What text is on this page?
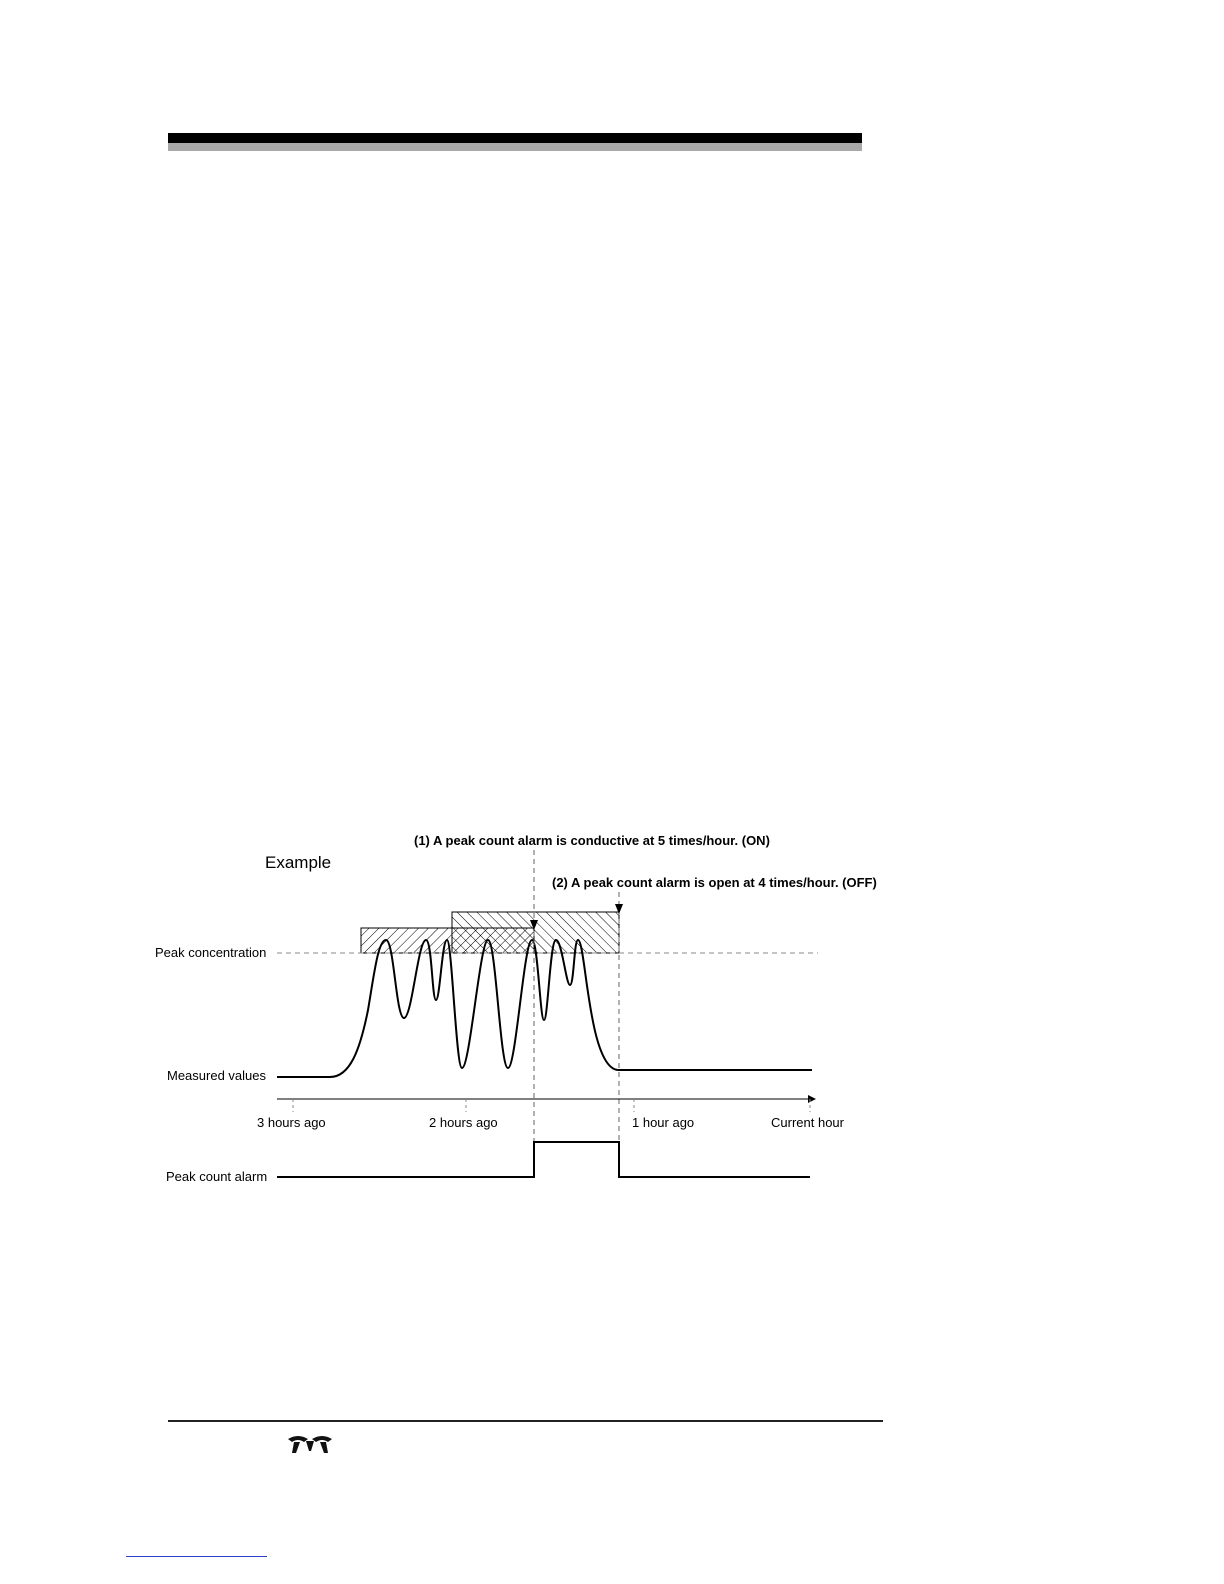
Example
(1) A peak count alarm is conductive at 5 times/hour. (ON)
(2) A peak count alarm is open at 4 times/hour. (OFF)
Peak concentration
Measured values
3 hours ago	2 hours ago	1 hour ago	Current hour
Peak count alarm
